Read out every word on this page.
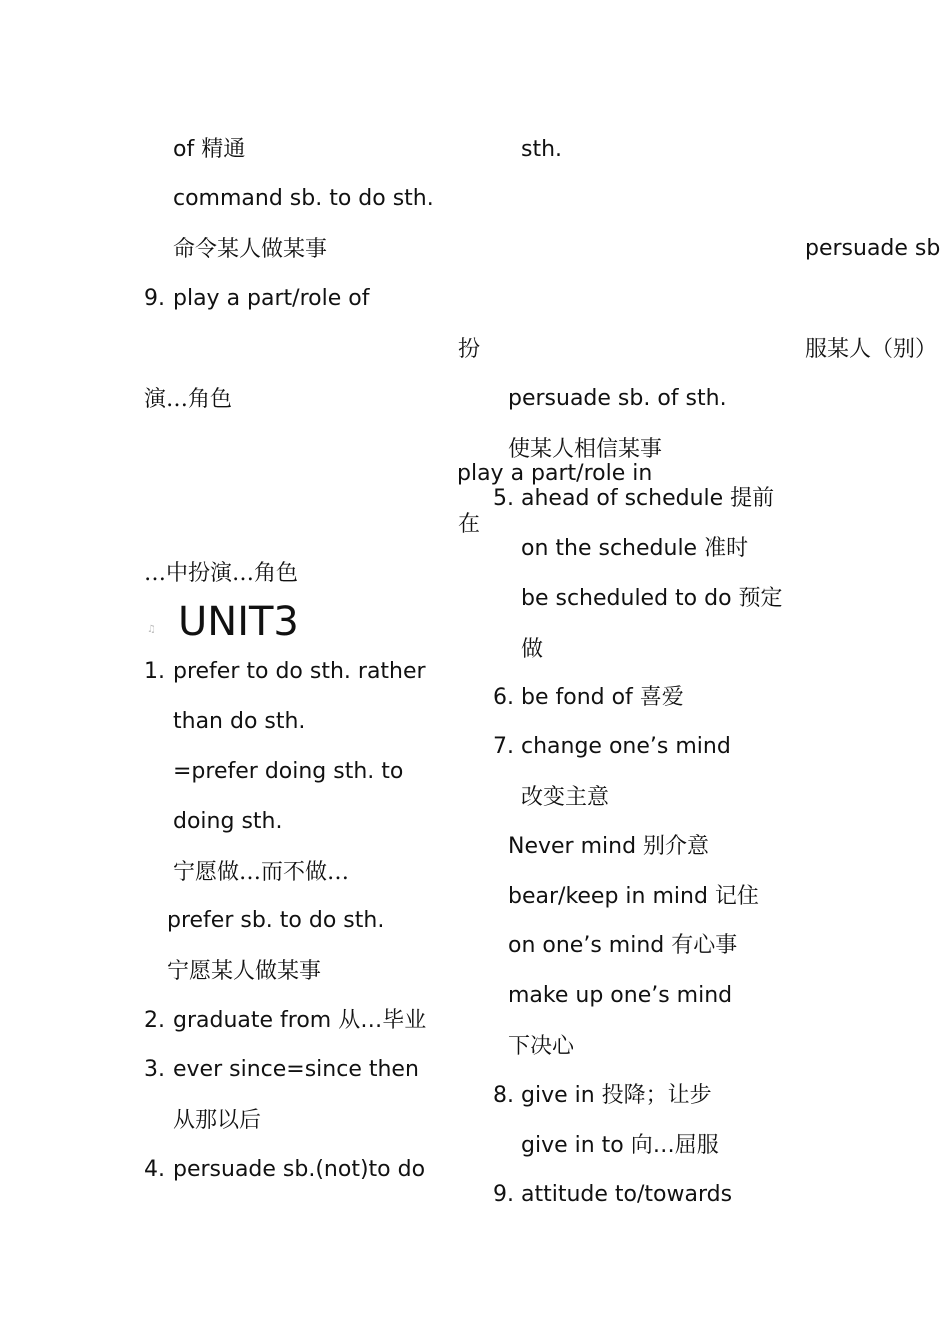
of 精通
command sb. to do sth.
命令某人做某事
9. play a part/role of
演…角色
…中扮演…角色
♫ UNIT3
1. prefer to do sth. rather
than do sth.
=prefer doing sth. to
doing sth.
宁愿做…而不做…
prefer sb. to do sth.
宁愿某人做某事
2. graduate from 从…毕业
3. ever since=since then
从那以后
4. persuade sb.(not)to do
sth.
扮
persuade sb. of sth.
使某人相信某事
play a part/role in
在
5. ahead of schedule 提前
on the schedule 准时
be scheduled to do 预定
做
6. be fond of 喜爱
7. change one’s mind
改变主意
Never mind 别介意
bear/keep in mind 记住
on one’s mind 有心事
make up one’s mind
下决心
8. give in 投降；让步
give in to 向…屈服
9. attitude to/towards
persuade sb
服某人（别）
